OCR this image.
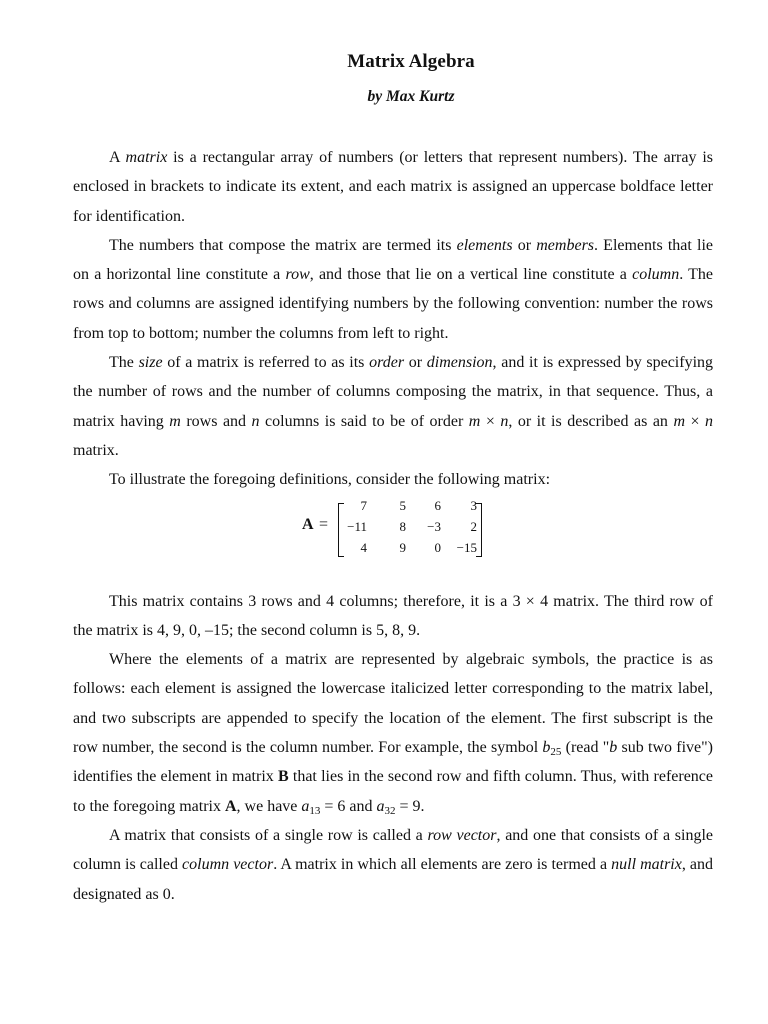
Matrix Algebra
by Max Kurtz

A matrix is a rectangular array of numbers (or letters that represent numbers). The array is enclosed in brackets to indicate its extent, and each matrix is assigned an uppercase boldface letter for identification.

The numbers that compose the matrix are termed its elements or members. Elements that lie on a horizontal line constitute a row, and those that lie on a vertical line constitute a column. The rows and columns are assigned identifying numbers by the following convention: number the rows from top to bottom; number the columns from left to right.

The size of a matrix is referred to as its order or dimension, and it is expressed by specifying the number of rows and the number of columns composing the matrix, in that sequence. Thus, a matrix having m rows and n columns is said to be of order m × n, or it is described as an m × n matrix.

To illustrate the foregoing definitions, consider the following matrix:

A =
7	5	6	3
−11	8	−3	2
4	9	0	−15

This matrix contains 3 rows and 4 columns; therefore, it is a 3 × 4 matrix. The third row of the matrix is 4, 9, 0, –15; the second column is 5, 8, 9.

Where the elements of a matrix are represented by algebraic symbols, the practice is as follows: each element is assigned the lowercase italicized letter corresponding to the matrix label, and two subscripts are appended to specify the location of the element. The first subscript is the row number, the second is the column number. For example, the symbol $b_{25}$ (read "b sub two five") identifies the element in matrix B that lies in the second row and fifth column. Thus, with reference to the foregoing matrix A, we have $a_{13} = 6$ and $a_{32} = 9$.

A matrix that consists of a single row is called a row vector, and one that consists of a single column is called column vector. A matrix in which all elements are zero is termed a null matrix, and designated as 0.
